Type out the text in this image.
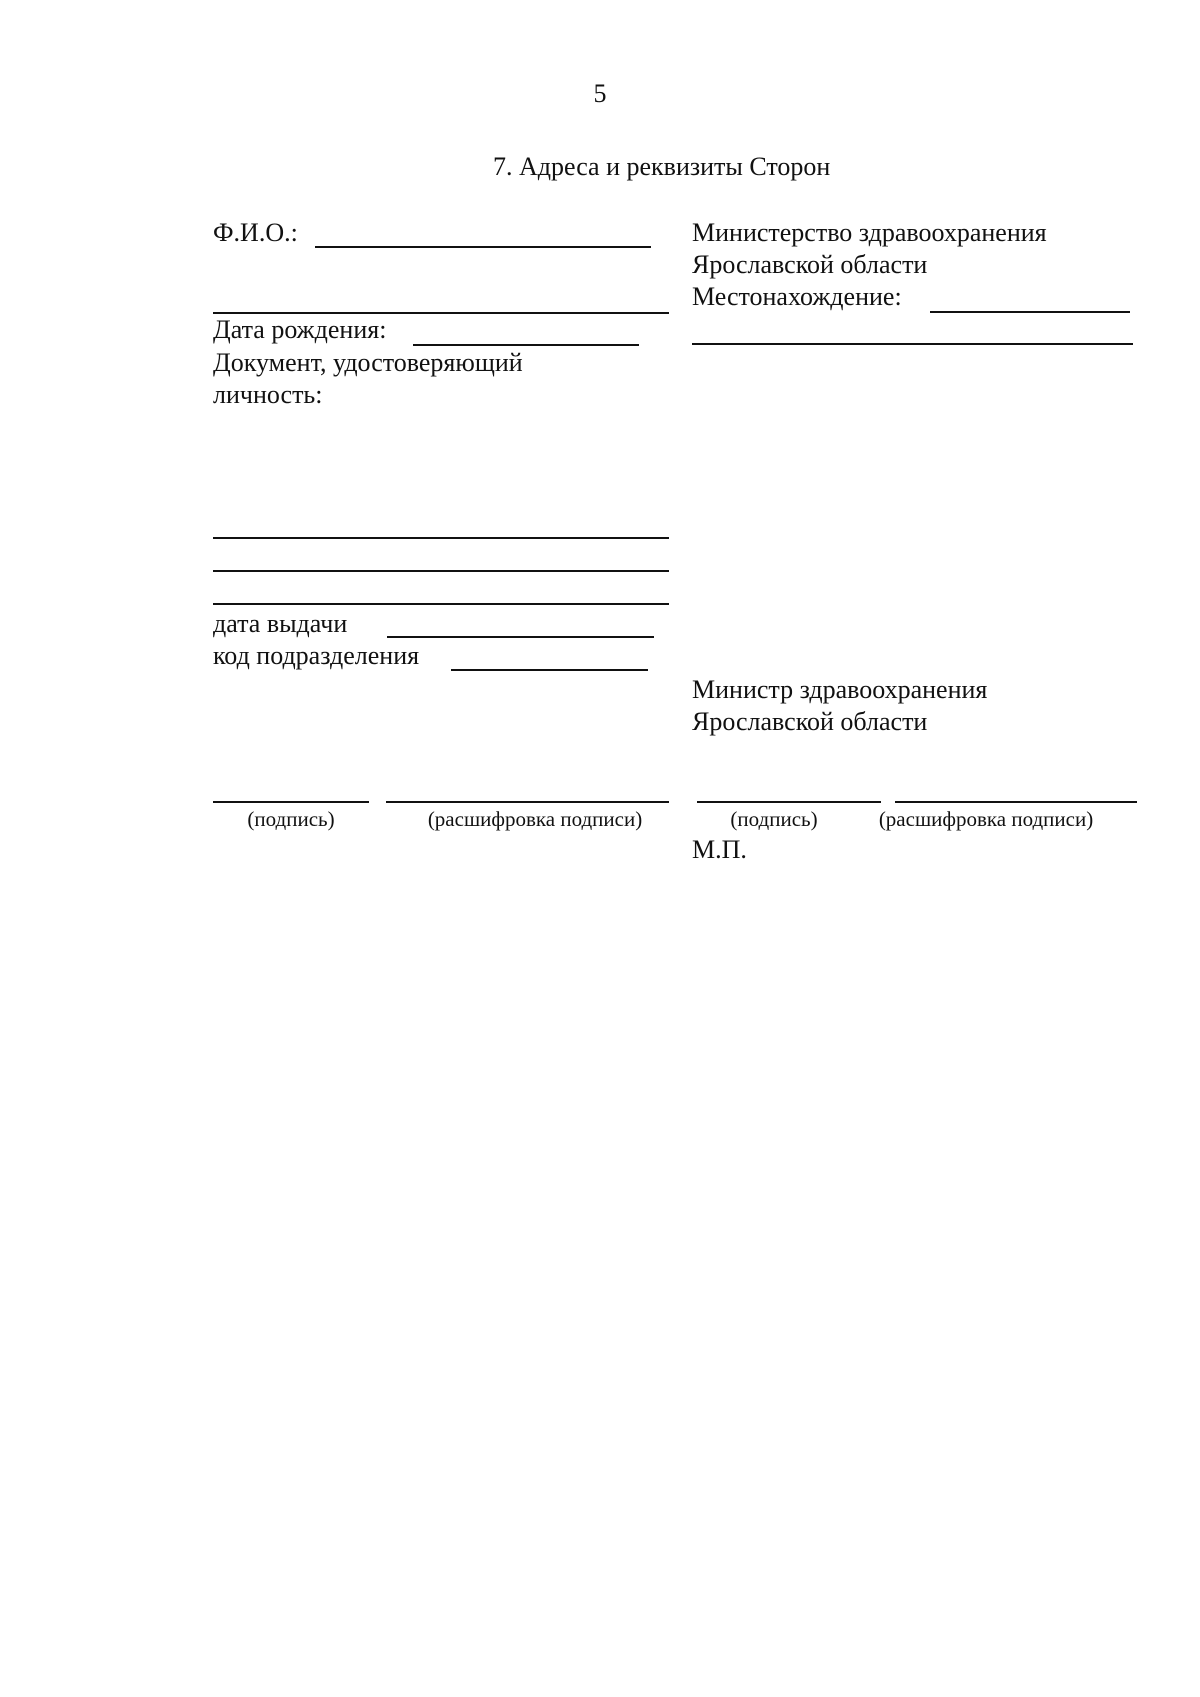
5
7. Адреса и реквизиты Сторон
Ф.И.О.:
Дата рождения:
Документ, удостоверяющий
личность:
дата выдачи
код подразделения
(подпись)	(расшифровка подписи)
Министерство здравоохранения
Ярославской области
Местонахождение:
Министр здравоохранения
Ярославской области
(подпись)	(расшифровка подписи)
М.П.
